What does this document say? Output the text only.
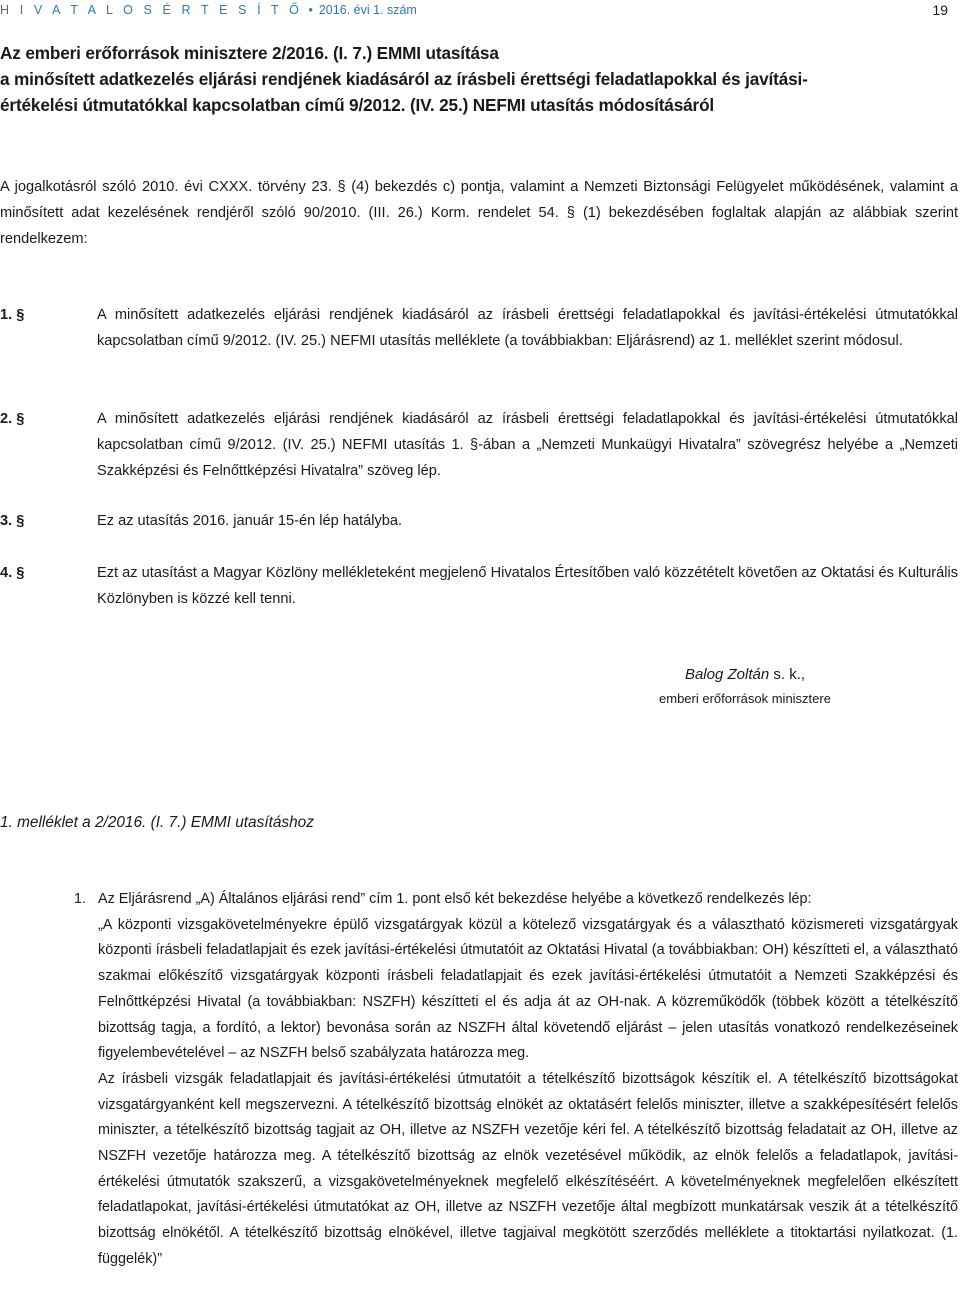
H I V A T A L O S É R T E S Í T Ő • 2016. évi 1. szám	19
Az emberi erőforrások minisztere 2/2016. (I. 7.) EMMI utasítása
a minősített adatkezelés eljárási rendjének kiadásáról az írásbeli érettségi feladatlapokkal és javítási-
értékelési útmutatókkal kapcsolatban című 9/2012. (IV. 25.) NEFMI utasítás módosításáról

A jogalkotásról szóló 2010. évi CXXX. törvény 23. § (4) bekezdés c) pontja, valamint a Nemzeti Biztonsági Felügyelet működésének, valamint a minősített adat kezelésének rendjéről szóló 90/2010. (III. 26.) Korm. rendelet 54. § (1) bekezdésében foglaltak alapján az alábbiak szerint rendelkezem:

1. §	A minősített adatkezelés eljárási rendjének kiadásáról az írásbeli érettségi feladatlapokkal és javítási-értékelési útmutatókkal kapcsolatban című 9/2012. (IV. 25.) NEFMI utasítás melléklete (a továbbiakban: Eljárásrend) az 1. melléklet szerint módosul.
2. §	A minősített adatkezelés eljárási rendjének kiadásáról az írásbeli érettségi feladatlapokkal és javítási-értékelési útmutatókkal kapcsolatban című 9/2012. (IV. 25.) NEFMI utasítás 1. §-ában a „Nemzeti Munkaügyi Hivatalra” szövegrész helyébe a „Nemzeti Szakképzési és Felnőttképzési Hivatalra” szöveg lép.
3. §	Ez az utasítás 2016. január 15-én lép hatályba.
4. §	Ezt az utasítást a Magyar Közlöny mellékleteként megjelenő Hivatalos Értesítőben való közzétételt követően az Oktatási és Kulturális Közlönyben is közzé kell tenni.
Balog Zoltán s. k.,
emberi erőforrások minisztere
1. melléklet a 2/2016. (I. 7.) EMMI utasításhoz
1. Az Eljárásrend „A) Általános eljárási rend” cím 1. pont első két bekezdése helyébe a következő rendelkezés lép:
„A központi vizsgakövetelményekre épülő vizsgatárgyak közül a kötelező vizsgatárgyak és a választható közismereti vizsgatárgyak központi írásbeli feladatlapjait és ezek javítási-értékelési útmutatóit az Oktatási Hivatal (a továbbiakban: OH) készítteti el, a választható szakmai előkészítő vizsgatárgyak központi írásbeli feladatlapjait és ezek javítási-értékelési útmutatóit a Nemzeti Szakképzési és Felnőttképzési Hivatal (a továbbiakban: NSZFH) készítteti el és adja át az OH-nak. A közreműködők (többek között a tételkészítő bizottság tagja, a fordító, a lektor) bevonása során az NSZFH által követendő eljárást – jelen utasítás vonatkozó rendelkezéseinek figyelembevételével – az NSZFH belső szabályzata határozza meg.
Az írásbeli vizsgák feladatlapjait és javítási-értékelési útmutatóit a tételkészítő bizottságok készítik el. A tételkészítő bizottságokat vizsgatárgyanként kell megszervezni. A tételkészítő bizottság elnökét az oktatásért felelős miniszter, illetve a szakképesítésért felelős miniszter, a tételkészítő bizottság tagjait az OH, illetve az NSZFH vezetője kéri fel. A tételkészítő bizottság feladatait az OH, illetve az NSZFH vezetője határozza meg. A tételkészítő bizottság az elnök vezetésével működik, az elnök felelős a feladatlapok, javítási-értékelési útmutatók szakszerű, a vizsgakövetelményeknek megfelelő elkészítéséért. A követelményeknek megfelelően elkészített feladatlapokat, javítási-értékelési útmutatókat az OH, illetve az NSZFH vezetője által megbízott munkatársak veszik át a tételkészítő bizottság elnökétől. A tételkészítő bizottság elnökével, illetve tagjaival megkötött szerződés melléklete a titoktartási nyilatkozat. (1. függelék)”
